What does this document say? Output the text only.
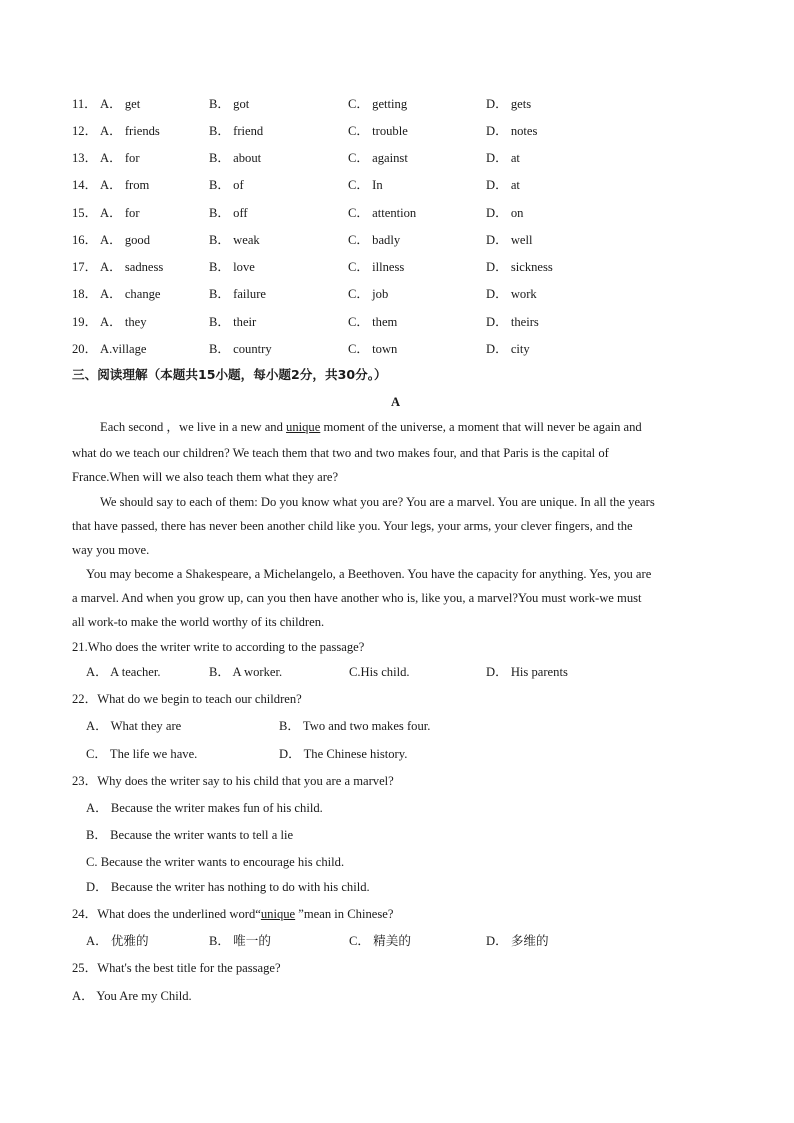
11． A． get	B． got	C． getting	D． gets
12． A． friends	B． friend	C． trouble	D． notes
13． A． for	B． about	C． against	D． at
14． A． from	B． of	C． In	D． at
15． A． for	B． off	C． attention	D． on
16． A． good	B． weak	C． badly	D． well
17． A． sadness	B． love	C． illness	D． sickness
18． A． change	B． failure	C． job	D． work
19． A． they	B． their	C． them	D． theirs
20． A.village	B． country	C． town	D． city
三、阅读理解（本题共15小题，每小题2分，共30分。）
A
Each second ，we live in a new and unique moment of the universe, a moment that will never be again and
what do we teach our children? We teach them that two and two makes four, and that Paris is the capital of
France.When will we also teach them what they are?
We should say to each of them: Do you know what you are? You are a marvel. You are unique. In all the years
that have passed, there has never been another child like you. Your legs, your arms, your clever fingers, and the
way you move.
You may become a Shakespeare, a Michelangelo, a Beethoven. You have the capacity for anything. Yes, you are
a marvel. And when you grow up, can you then have another who is, like you, a marvel?You must work-we must
all work-to make the world worthy of its children.
21.Who does the writer write to according to the passage?
A． A teacher.	B． A worker.	C.His child.	D． His parents
22．What do we begin to teach our children?
A． What they are	B． Two and two makes four.
C． The life we have.	D． The Chinese history.
23．Why does the writer say to his child that you are a marvel?
A． Because the writer makes fun of his child.
B． Because the writer wants to tell a lie
C. Because the writer wants to encourage his child.
D． Because the writer has nothing to do with his child.
24．What does the underlined word“unique ”mean in Chinese?
A． 优雅的	B． 唯一的	C． 精美的	D． 多维的
25．What's the best title for the passage?
A． You Are my Child.
